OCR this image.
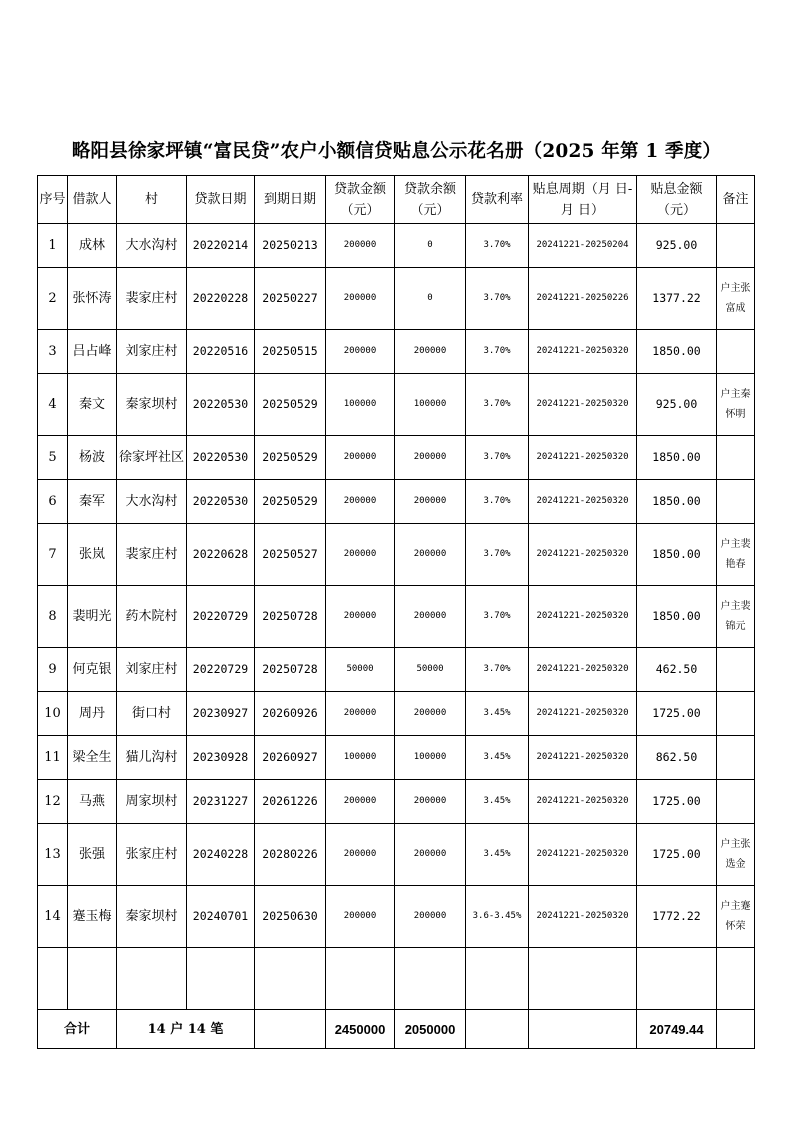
略阳县徐家坪镇“富民贷”农户小额信贷贴息公示花名册（2025 年第 1 季度）
序号	借款人	村	贷款日期	到期日期	贷款金额（元）	贷款余额（元）	贷款利率	贴息周期（月 日-月 日）	贴息金额（元）	备注
1	成林	大水沟村	20220214	20250213	200000	0	3.70%	20241221-20250204	925.00	
2	张怀涛	裴家庄村	20220228	20250227	200000	0	3.70%	20241221-20250226	1377.22	户主张富成
3	吕占峰	刘家庄村	20220516	20250515	200000	200000	3.70%	20241221-20250320	1850.00	
4	秦文	秦家坝村	20220530	20250529	100000	100000	3.70%	20241221-20250320	925.00	户主秦怀明
5	杨波	徐家坪社区	20220530	20250529	200000	200000	3.70%	20241221-20250320	1850.00	
6	秦军	大水沟村	20220530	20250529	200000	200000	3.70%	20241221-20250320	1850.00	
7	张岚	裴家庄村	20220628	20250527	200000	200000	3.70%	20241221-20250320	1850.00	户主裴艳春
8	裴明光	药木院村	20220729	20250728	200000	200000	3.70%	20241221-20250320	1850.00	户主裴锦元
9	何克银	刘家庄村	20220729	20250728	50000	50000	3.70%	20241221-20250320	462.50	
10	周丹	街口村	20230927	20260926	200000	200000	3.45%	20241221-20250320	1725.00	
11	梁全生	猫儿沟村	20230928	20260927	100000	100000	3.45%	20241221-20250320	862.50	
12	马燕	周家坝村	20231227	20261226	200000	200000	3.45%	20241221-20250320	1725.00	
13	张强	张家庄村	20240228	20280226	200000	200000	3.45%	20241221-20250320	1725.00	户主张选金
14	蹇玉梅	秦家坝村	20240701	20250630	200000	200000	3.6-3.45%	20241221-20250320	1772.22	户主蹇怀荣

合计		14 户 14 笔			2450000	2050000			20749.44	
